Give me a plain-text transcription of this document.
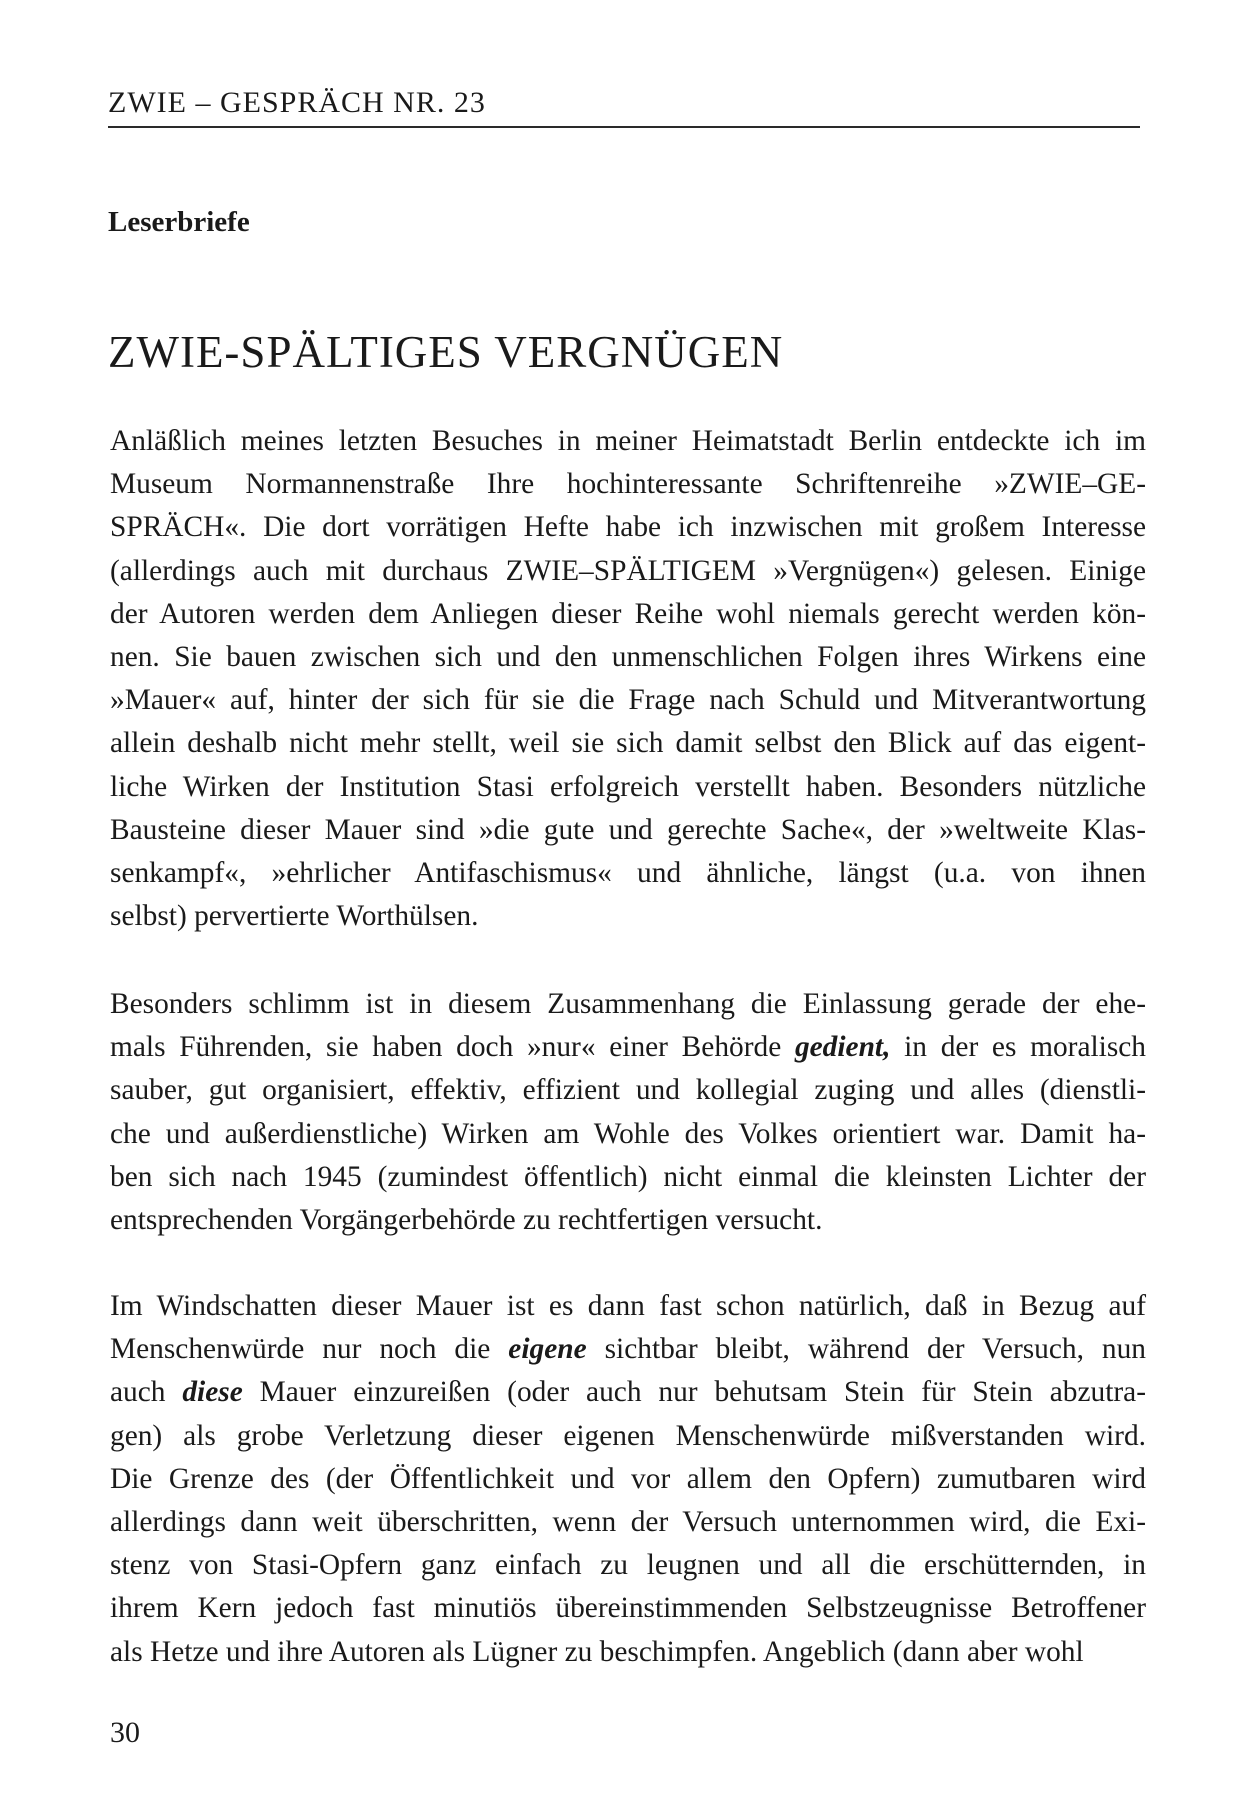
ZWIE – GESPRÄCH NR. 23
Leserbriefe
ZWIE-SPÄLTIGES VERGNÜGEN
Anläßlich meines letzten Besuches in meiner Heimatstadt Berlin entdeckte ich im
Museum Normannenstraße Ihre hochinteressante Schriftenreihe »ZWIE–GE-
SPRÄCH«. Die dort vorrätigen Hefte habe ich inzwischen mit großem Interesse
(allerdings auch mit durchaus ZWIE–SPÄLTIGEM »Vergnügen«) gelesen. Einige
der Autoren werden dem Anliegen dieser Reihe wohl niemals gerecht werden kön-
nen. Sie bauen zwischen sich und den unmenschlichen Folgen ihres Wirkens eine
»Mauer« auf, hinter der sich für sie die Frage nach Schuld und Mitverantwortung
allein deshalb nicht mehr stellt, weil sie sich damit selbst den Blick auf das eigent-
liche Wirken der Institution Stasi erfolgreich verstellt haben. Besonders nützliche
Bausteine dieser Mauer sind »die gute und gerechte Sache«, der »weltweite Klas-
senkampf«, »ehrlicher Antifaschismus« und ähnliche, längst (u.a. von ihnen
selbst) pervertierte Worthülsen.
Besonders schlimm ist in diesem Zusammenhang die Einlassung gerade der ehe-
mals Führenden, sie haben doch »nur« einer Behörde gedient, in der es moralisch
sauber, gut organisiert, effektiv, effizient und kollegial zuging und alles (dienstli-
che und außerdienstliche) Wirken am Wohle des Volkes orientiert war. Damit ha-
ben sich nach 1945 (zumindest öffentlich) nicht einmal die kleinsten Lichter der
entsprechenden Vorgängerbehörde zu rechtfertigen versucht.
Im Windschatten dieser Mauer ist es dann fast schon natürlich, daß in Bezug auf
Menschenwürde nur noch die eigene sichtbar bleibt, während der Versuch, nun
auch diese Mauer einzureißen (oder auch nur behutsam Stein für Stein abzutra-
gen) als grobe Verletzung dieser eigenen Menschenwürde mißverstanden wird.
Die Grenze des (der Öffentlichkeit und vor allem den Opfern) zumutbaren wird
allerdings dann weit überschritten, wenn der Versuch unternommen wird, die Exi-
stenz von Stasi-Opfern ganz einfach zu leugnen und all die erschütternden, in
ihrem Kern jedoch fast minutiös übereinstimmenden Selbstzeugnisse Betroffener
als Hetze und ihre Autoren als Lügner zu beschimpfen. Angeblich (dann aber wohl
30
